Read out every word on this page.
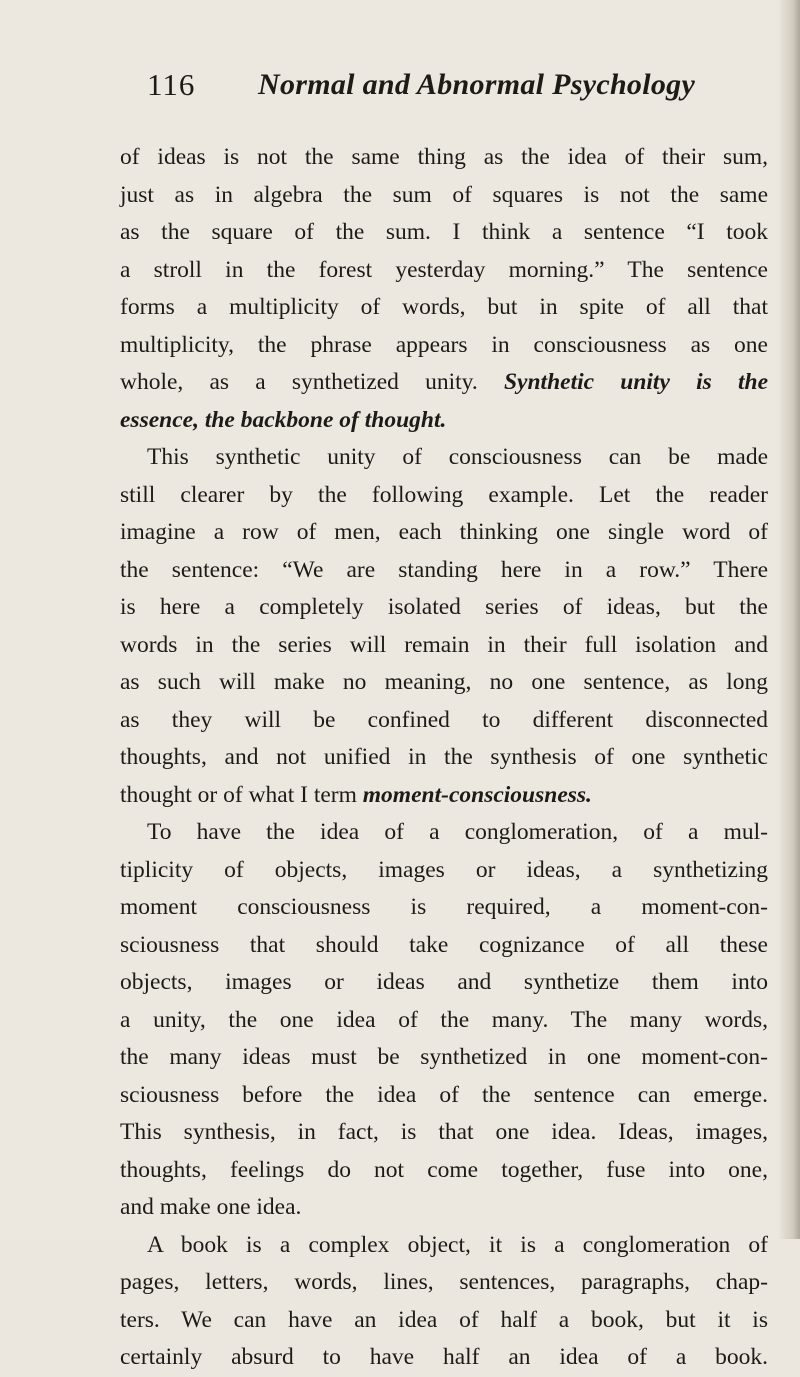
116 Normal and Abnormal Psychology
of ideas is not the same thing as the idea of their sum,
just as in algebra the sum of squares is not the same
as the square of the sum. I think a sentence “I took
a stroll in the forest yesterday morning.” The sentence
forms a multiplicity of words, but in spite of all that
multiplicity, the phrase appears in consciousness as one
whole, as a synthetized unity. Synthetic unity is the
essence, the backbone of thought.
This synthetic unity of consciousness can be made
still clearer by the following example. Let the reader
imagine a row of men, each thinking one single word of
the sentence: “We are standing here in a row.” There
is here a completely isolated series of ideas, but the
words in the series will remain in their full isolation and
as such will make no meaning, no one sentence, as long
as they will be confined to different disconnected
thoughts, and not unified in the synthesis of one synthetic
thought or of what I term moment-consciousness.
To have the idea of a conglomeration, of a mul-
tiplicity of objects, images or ideas, a synthetizing
moment consciousness is required, a moment-con-
sciousness that should take cognizance of all these
objects, images or ideas and synthetize them into
a unity, the one idea of the many. The many words,
the many ideas must be synthetized in one moment-con-
sciousness before the idea of the sentence can emerge.
This synthesis, in fact, is that one idea. Ideas, images,
thoughts, feelings do not come together, fuse into one,
and make one idea.
A book is a complex object, it is a conglomeration of
pages, letters, words, lines, sentences, paragraphs, chap-
ters. We can have an idea of half a book, but it is
certainly absurd to have half an idea of a book.
